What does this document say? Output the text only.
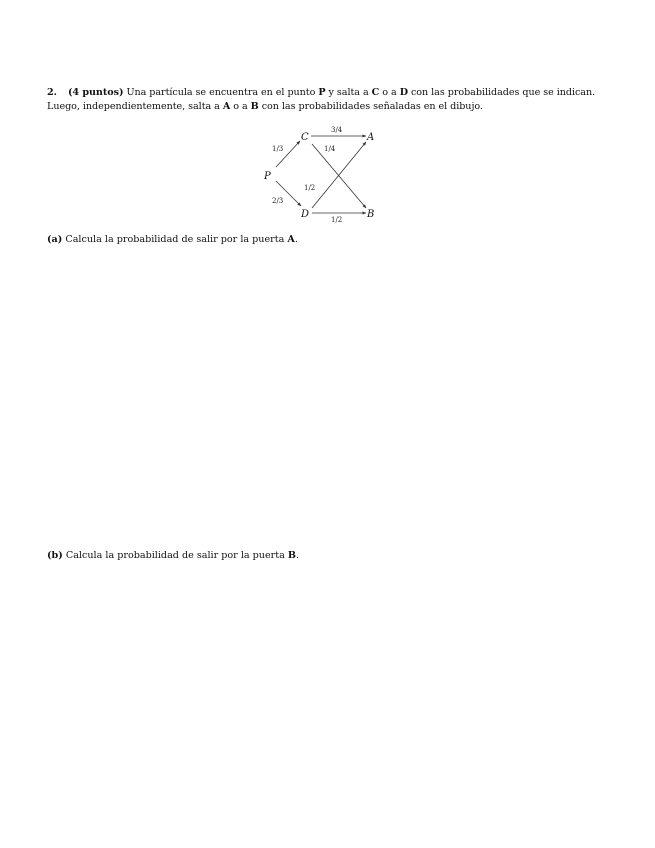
2. (4 puntos) Una partícula se encuentra en el punto P y salta a C o a D con las probabilidades que se indican. Luego, independientemente, salta a A o a B con las probabilidades señaladas en el dibujo.
P
C
D
A
B
1/3
2/3
3/4
1/4
1/2
1/2
(a) Calcula la probabilidad de salir por la puerta A.
(b) Calcula la probabilidad de salir por la puerta B.
